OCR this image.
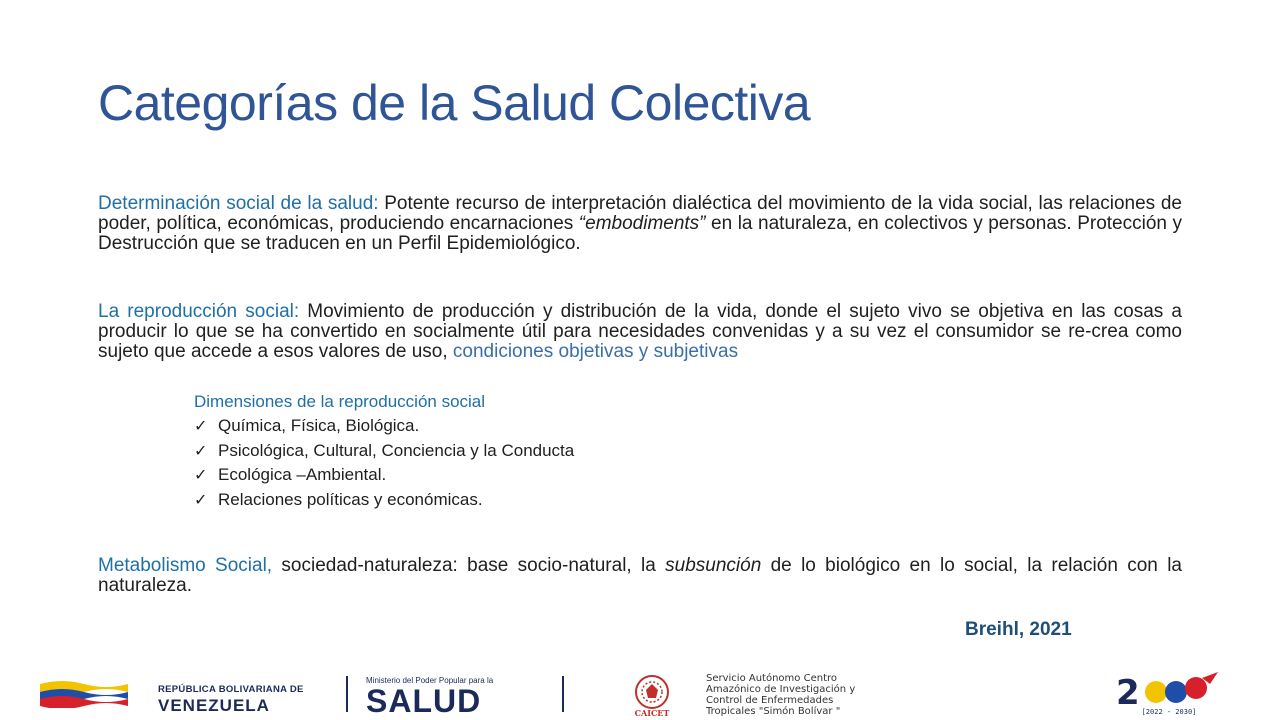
Categorías de la Salud Colectiva

Determinación social de la salud: Potente recurso de interpretación dialéctica del movimiento de la vida social, las relaciones de poder, política, económicas, produciendo encarnaciones “embodiments” en la naturaleza, en colectivos y personas. Protección y Destrucción que se traducen en un Perfil Epidemiológico.

La reproducción social: Movimiento de producción y distribución de la vida, donde el sujeto vivo se objetiva en las cosas a producir lo que se ha convertido en socialmente útil para necesidades convenidas y a su vez el consumidor se re-crea como sujeto que accede a esos valores de uso, condiciones objetivas y subjetivas

Dimensiones de la reproducción social
✓ Química, Física, Biológica.
✓ Psicológica, Cultural, Conciencia y la Conducta
✓ Ecológica –Ambiental.
✓ Relaciones políticas y económicas.

Metabolismo Social, sociedad-naturaleza: base socio-natural, la subsunción de lo biológico en lo social, la relación con la naturaleza.

Breihl, 2021
REPÚBLICA BOLIVARIANA DE
VENEZUELA
Ministerio del Poder Popular para la
SALUD	CAICET
Servicio Autónomo Centro
Amazónico de Investigación y
Control de Enfermedades
Tropicales "Simón Bolívar "	2 [2022 - 2030]
